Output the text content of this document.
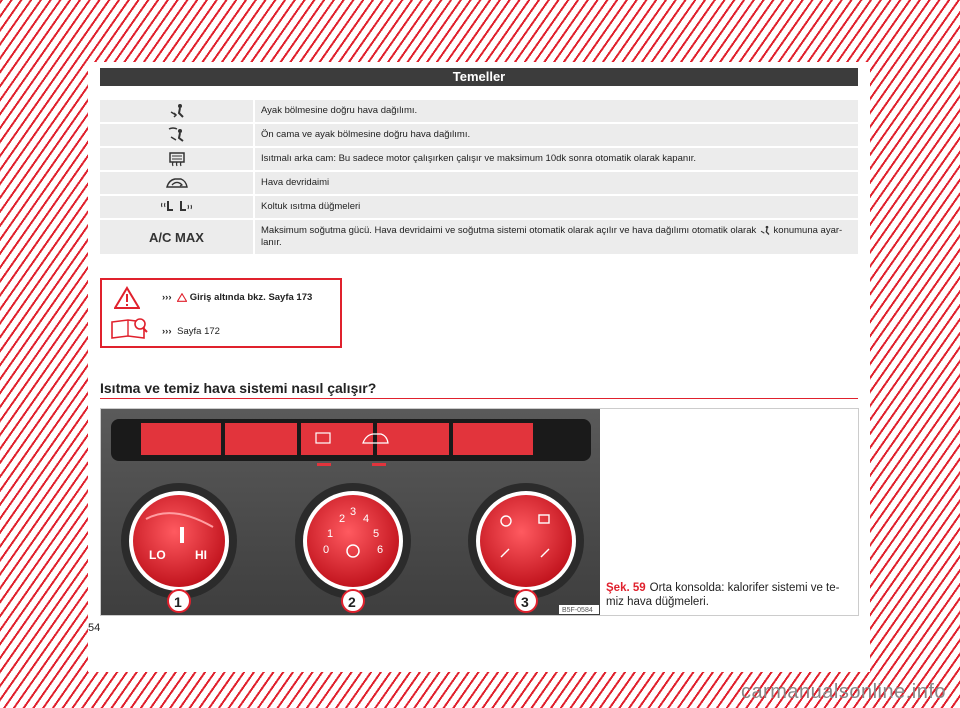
Temeller
Ayak bölmesine doğru hava dağılımı.
Ön cama ve ayak bölmesine doğru hava dağılımı.
Isıtmalı arka cam: Bu sadece motor çalışırken çalışır ve maksimum 10dk sonra otomatik olarak kapanır.
Hava devridaimi
Koltuk ısıtma düğmeleri
A/C MAX	Maksimum soğutma gücü. Hava devridaimi ve soğutma sistemi otomatik olarak açılır ve hava dağılımı otomatik olarak konumuna ayar-lanır.
››› Giriş altında bkz. Sayfa 173
››› Sayfa 172
Isıtma ve temiz hava sistemi nasıl çalışır?
LO HI	0
1
2
3
4
5
6
1	2	3
B5F-0584
Şek. 59 Orta konsolda: kalorifer sistemi ve te-miz hava düğmeleri.
54
carmanualsonline.info
